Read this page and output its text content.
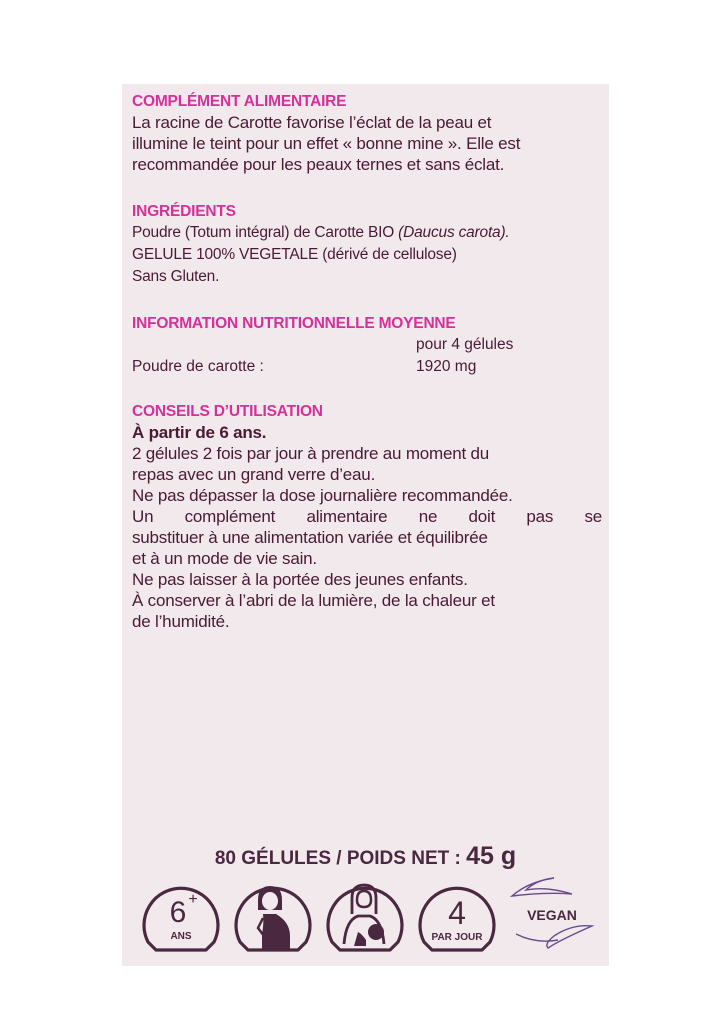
COMPLÉMENT ALIMENTAIRE

La racine de Carotte favorise l’éclat de la peau et

illumine le teint pour un effet « bonne mine ». Elle est

recommandée pour les peaux ternes et sans éclat.

INGRÉDIENTS

Poudre (Totum intégral) de Carotte BIO (Daucus carota).

GELULE 100% VEGETALE (dérivé de cellulose)

Sans Gluten.

INFORMATION NUTRITIONNELLE MOYENNE

pour 4 gélules
Poudre de carotte :	1920 mg

CONSEILS D’UTILISATION

À partir de 6 ans.

2 gélules 2 fois par jour à prendre au moment du

repas avec un grand verre d’eau.

Ne pas dépasser la dose journalière recommandée.

Un complément alimentaire ne doit pas se

substituer à une alimentation variée et équilibrée

et à un mode de vie sain.

Ne pas laisser à la portée des jeunes enfants.

À conserver à l’abri de la lumière, de la chaleur et

de l’humidité.

80 GÉLULES / POIDS NET : 45 g
6 +
ANS
4
PAR JOUR
VEGAN
